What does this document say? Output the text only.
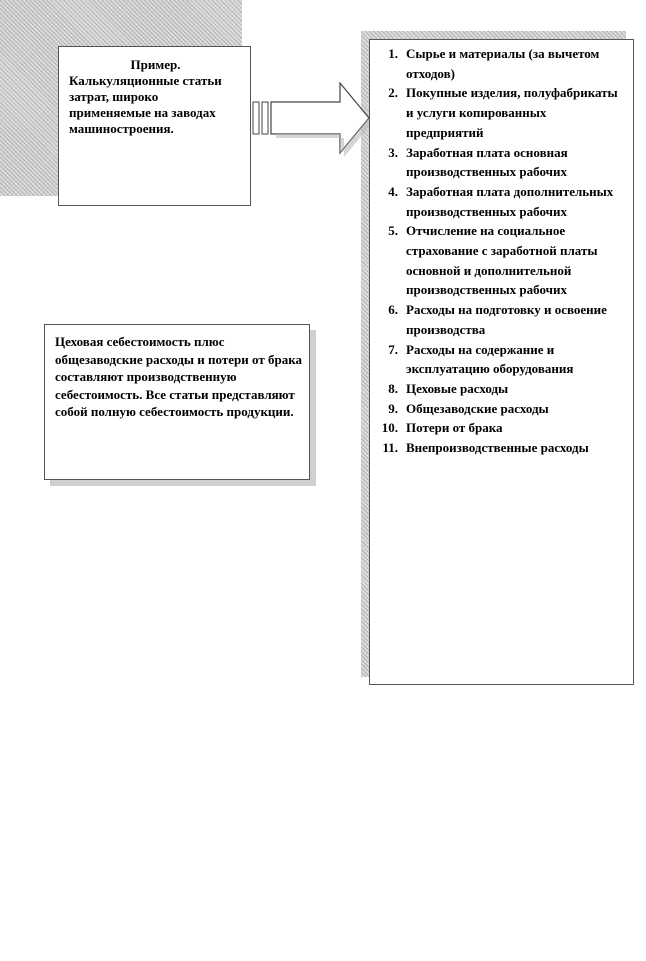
Пример.
Калькуляционные статьи затрат, широко применяемые на заводах машиностроения.
Цеховая себестоимость плюс общезаводские расходы и потери от брака составляют производственную себестоимость. Все статьи представляют собой полную себестоимость продукции.
1. Сырье и материалы (за вычетом отходов)
2. Покупные изделия, полуфабрикаты и услуги копированных предприятий
3. Заработная плата основная производственных рабочих
4. Заработная плата дополнительных производственных рабочих
5. Отчисление на социальное страхование с заработной платы основной и дополнительной производственных рабочих
6. Расходы на подготовку и освоение производства
7. Расходы на содержание и эксплуатацию оборудования
8. Цеховые расходы
9. Общезаводские расходы
10. Потери от брака
11. Внепроизводственные расходы
